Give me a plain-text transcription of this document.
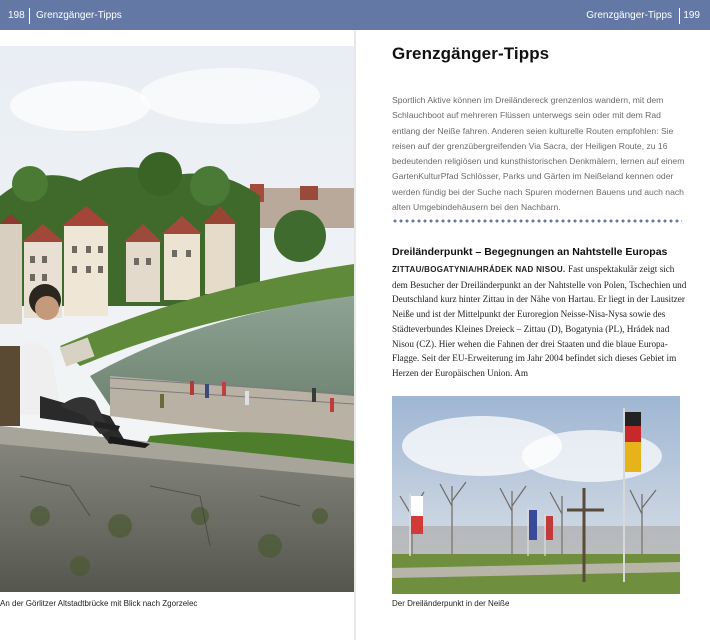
198 Grenzgänger-Tipps	Grenzgänger-Tipps 199
An der Görlitzer Altstadtbrücke mit Blick nach Zgorzelec
Grenzgänger-Tipps
Sportlich Aktive können im Dreiländereck grenzenlos wandern, mit dem Schlauchboot auf mehreren Flüssen unterwegs sein oder mit dem Rad entlang der Neiße fahren. Anderen seien kulturelle Routen empfohlen: Sie reisen auf der grenzübergreifenden Via Sacra, der Heiligen Route, zu 16 bedeutenden religiösen und kunsthistorischen Denkmälern, lernen auf einem GartenKulturPfad Schlösser, Parks und Gärten im Neißeland kennen oder werden fündig bei der Suche nach Spuren modernen Bauens und auch nach alten Umgebindehäusern bei den Nachbarn.
Dreiländerpunkt – Begegnungen an Nahtstelle Europas
ZITTAU/BOGATYNIA/HRÁDEK NAD NISOU. Fast unspektakulär zeigt sich dem Besucher der Dreiländerpunkt an der Nahtstelle von Polen, Tschechien und Deutschland kurz hinter Zittau in der Nähe von Hartau. Er liegt in der Lausitzer Neiße und ist der Mittelpunkt der Euroregion Neisse-Nisa-Nysa sowie des Städteverbundes Kleines Dreieck – Zittau (D), Bogatynia (PL), Hrádek nad Nisou (CZ). Hier wehen die Fahnen der drei Staaten und die blaue Europa-Flagge. Seit der EU-Erweiterung im Jahr 2004 befindet sich dieses Gebiet im Herzen der Europäischen Union. Am
Der Dreiländerpunkt in der Neiße
